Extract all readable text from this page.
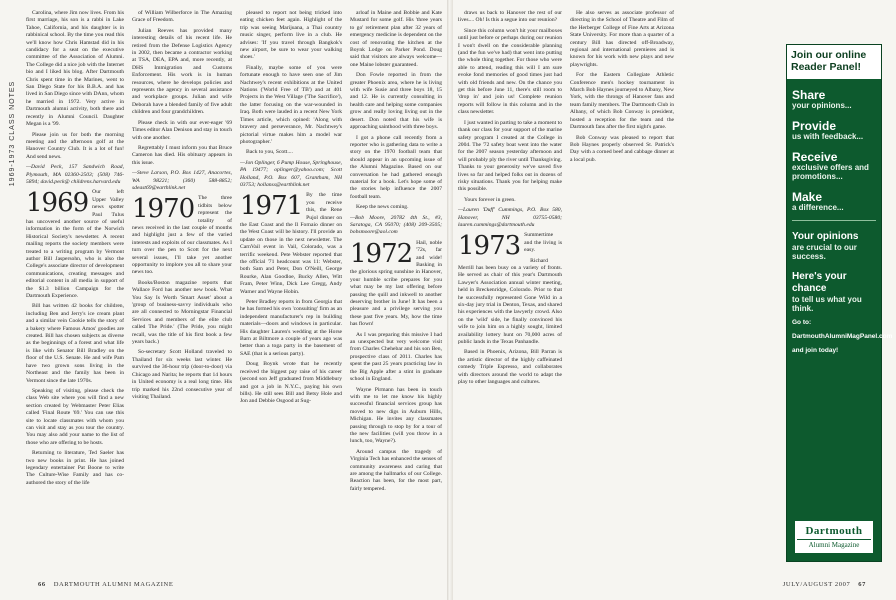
1969-1973 CLASS NOTES

Carolina, where Jim now lives. From his first marriage, his son is a rabbi in Lake Tahoe, California, and his daughter is in rabbinical school. By the time you read this we'll know how Chris Hamstad did in his candidacy for a seat on the executive committee of the Association of Alumni. The College did a nice job with the Internet bio and I liked his blog. After Dartmouth Chris spent time in the Marines, went to San Diego State for his B.B.A. and has lived in San Diego since with DAnn, whom he married in 1972. Very active in Dartmouth alumni activity, both there and recently in Alumni Council. Daughter Megan is a '99.

Please join us for both the morning meeting and the afternoon golf at the Hanover Country Club. It is a lot of fun! And send news.

—David Peck, 157 Sandwich Road, Plymouth, MA 02360-2503; (508) 746-5894; david.peck@ childrens.harvard.edu

1969 Our left Upper Valley news spotter Paul Tulus has uncovered another source of useful information in the form of the Norwich Historical Society's newsletter. A recent mailing reports the society members were treated to a writing program by Vermont author Bill Jaspersohn, who is also the College's associate director of development communications, creating messages and editorial content in all media in support of the $1.3 billion Campaign for the Dartmouth Experience.

Bill has written 42 books for children, including Ben and Jerry's ice cream plant and a similar vein Cookie tells the story of a bakery where Famous Amos' goodies are created. Bill has chosen subjects as diverse as the beginnings of a forest and what life is like with Senator Bill Bradley on the floor of the U.S. Senate. He and wife Pam have two grown sons living in the Northeast and the family has been in Vermont since the late 1970s.

Speaking of visiting, please check the class Web site where you will find a new section created by Webmaster Peter Elias called 'Final Route '69.' You can use this site to locate classmates with whom you can visit and stay as you tour the country. You may also add your name to the list of those who are offering to be hosts.

Returning to literature, Ted Saeler has two new books in print. He has joined legendary entertainer Pat Boone to write The Culture-Wise Family and has co-authored the story of the life

of William Wilberforce in The Amazing Grace of Freedom.

Julian Reeves has provided many interesting details of his recent life. He retired from the Defense Logistics Agency in 2002, then became a contractor working at TSA, DEA, EPA and, more recently, at DHS Immigration and Customs Enforcement. His work is in human resources, where he develops policies and represents the agency in several assistance and workplace groups. Julian and wife Deborah have a blended family of five adult children and four grandchildren.

Please check in with our ever-eager '69 Times editor Alan Denison and stay in touch with one another.

Regrettably I must inform you that Bruce Cameron has died. His obituary appears in this issue.

—Steve Larson, P.O. Box 1427, Anacortes, WA 98221; (360) 588-8852; sdeast69@earthlink.net

1970 The three tidbits below represent the totality of news received in the last couple of months and highlight just a few of the varied interests and exploits of our classmates. As I turn over the pen to Scott for the next several issues, I'll take yet another opportunity to implore you all to share your news too.

Books/Boston magazine reports that Wallace Ford has another new book. What You Say Is Worth 'Smart Asset' about a 'group of business-savvy individuals who are all connected to Morningstar Financial Services and members of the elite club called The Pride.' (The Pride, you might recall, was the title of his first book a few years back.)

So-secretary Scott Holland traveled to Thailand for six weeks last winter. He survived the 36-hour trip (door-to-door) via Chicago and Narita; he reports that 14 hours in United economy is a real long time. His trip marked his 22nd consecutive year of visiting Thailand.

pleased to report not being tricked into eating chicken feet again. Highlight of the trip was seeing Marijuana, a Thai country music singer, perform live in a club. He advises: 'If you travel through Bangkok's new airport, be sure to wear your walking shoes.'

Finally, maybe some of you were fortunate enough to have seen one of Jim Nachtwey's recent exhibitions at the United Nations ('World Free of TB') and at 401 Projects in the West Village ('The Sacrifice'), the latter focusing on the war-wounded in Iraq. Both were lauded in a recent New York Times article, which opined: 'Along with bravery and perseverance, Mr. Nachtwey's pictorial virtue makes him a model war photographer.'

Back to you, Scott....

—Jon Oplinger, 6 Pump House, Springhouse, PA 19477; oplinger@yahoo.com; Scott Holland, P.O. Box 607, Grantham, NH 03753; hollanss@earthlink.net

1971 By the time you receive this, the Rene Pujol dinner on the East Coast and the Il Fornaio dinner on the West Coast will be history. I'll provide an update on those in the next newsletter. The CarnVail event in Vail, Colorado, was a terrific weekend. Pete Webster reported that the official '71 headcount was 11: Webster, both Sam and Peter, Don O'Neill, George Rourke, Alan Goodloe, Bucky Allen, Witt Fram, Peter Winn, Dick Lee Gregg, Andy Warner and Wayne Hobin.

Peter Bradley reports in from Georgia that he has formed his own 'consulting' firm as an independent manufacturer's rep in building materials—doors and windows in particular. His daughter Lauren's wedding at the Horse Barn at Biltmore a couple of years ago was better than a toga party in the basement of SAE (that is a serious party).

Doug Boynk wrote that he recently received the biggest pay raise of his career (second son Jeff graduated from Middlebury and got a job in N.Y.C., paying his own bills). He still sees Bill and Betsy Hole and Jon and Debbie Osgood at Sug-

arloaf in Maine and Bobbie and Kate Mustard for some golf. His 'three years to go' retirement plan after 32 years of emergency medicine is dependent on the cost of renovating the kitchen at the Boynk Lodge on Parker Pond. Doug said that visitors are always welcome—one Maine lobster guaranteed.

Don Fowle reported in from the greater Phoenix area, where he is living with wife Susie and three boys 18, 15 and 12. He is currently consulting in health care and helping some companies grow and really loving living out in the desert. Don noted that his wife is approaching sainthood with three boys.

I got a phone call recently from a reporter who is gathering data to write a story on the 1970 football team that should appear in an upcoming issue of the Alumni Magazine. Based on our conversation he had gathered enough material for a book. Let's hope some of the stories help influence the 2007 football team.

Keep the news coming.

—Bob Moore, 20782 4th St., #3, Saratoga, CA 95070; (408) 209-3505; bobsmoore@aol.com

1972 Hail, noble '72s, far and wide! Basking in the glorious spring sunshine in Hanover, your humble scribe prepares for you what may be my last offering before passing the quill and inkwell to another deserving brother in June! It has been a pleasure and a privilege serving you these past five years. My, how the time has flown!

As I was preparing this missive I had an unexpected but very welcome visit from Charles Chehebar and his son Ben, prospective class of 2011. Charles has spent the past 25 years practicing law in the Big Apple after a stint in graduate school in England.

Wayne Pirmann has been in touch with me to let me know his highly successful financial services group has moved to new digs in Auburn Hills, Michigan. He invites any classmates passing through to stop by for a tour of the new facilities (will you throw in a lunch, too, Wayne?).

Around campus the tragedy of Virginia Tech has enhanced the senses of community awareness and caring that are among the hallmarks of our College. Reaction has been, for the most part, fairly tempered.

draws us back to Hanover the rest of our lives.... Oh! Is this a segue into our reunion?

Since this column won't hit your mailboxes until just before or perhaps during our reunion I won't dwell on the considerable planning (and the fun we've had) that went into putting the whole thing together. For those who were able to attend, reading this will I am sure evoke fond memories of good times just had with old friends and new. On the chance you get this before June 11, there's still room to 'drop in' and join us! Complete reunion reports will follow in this column and in the class newsletter.

I just wanted in parting to take a moment to thank our class for your support of the marine safety program I created at the College in 2004. The '72 safety boat went into the water for the 2007 season yesterday afternoon and will probably ply the river until Thanksgiving. Thanks to your generosity we've saved five lives so far and helped folks out in dozens of risky situations. Thank you for helping make this possible.

Yours forever in green.

—Lauren 'Duff' Cummings, P.O. Box 580, Hanover, NH 03755-0580; lauren.cummings@dartmouth.edu

1973 Summertime and the living is easy.

Richard Merrill has been busy on a variety of fronts. He served as chair of this year's Dartmouth Lawyer's Association annual winter meeting, held in Breckenridge, Colorado. Prior to that he successfully represented Gone Wild in a six-day jury trial in Denton, Texas, and shared his experiences with the lawyerly crowd. Also on the 'wild' side, he finally convinced his wife to join him on a highly sought, limited availability lottery hunt on 70,000 acres of public lands in the Texas Panhandle.

Based in Phoenix, Arizona, Bill Parran is the artistic director of the highly caffeinated comedy Triple Espresso, and collaborates with directors around the world to adapt the play to other languages and cultures.

He also serves as associate professor of directing in the School of Theatre and Film of the Herberger College of Fine Arts at Arizona State University. For more than a quarter of a century Bill has directed off-Broadway, regional and international premieres and is known for his work with new plays and new playwrights.

For the Eastern Collegiate Athletic Conference men's hockey tournament in March Bob Haynes journeyed to Albany, New York, with the throngs of Hanover fans and team family members. The Dartmouth Club in Albany, of which Bob Conway is president, hosted a reception for the team and the Dartmouth fans after the first night's game.

Bob Conway was pleased to report that Bob Haynes properly observed St. Patrick's Day with a corned beef and cabbage dinner at a local pub.

Join our online Reader Panel!
Share
your opinions...
Provide
us with feedback...
Receive
exclusive offers and promotions...
Make
a difference...
Your opinions
are crucial to our success.
Here's your chance
to tell us what you think.
Go to:
DartmouthAlumniMagPanel.com
and join today!
Dartmouth
Alumni Magazine
66 DARTMOUTH ALUMNI MAGAZINE	JULY/AUGUST 2007 67
